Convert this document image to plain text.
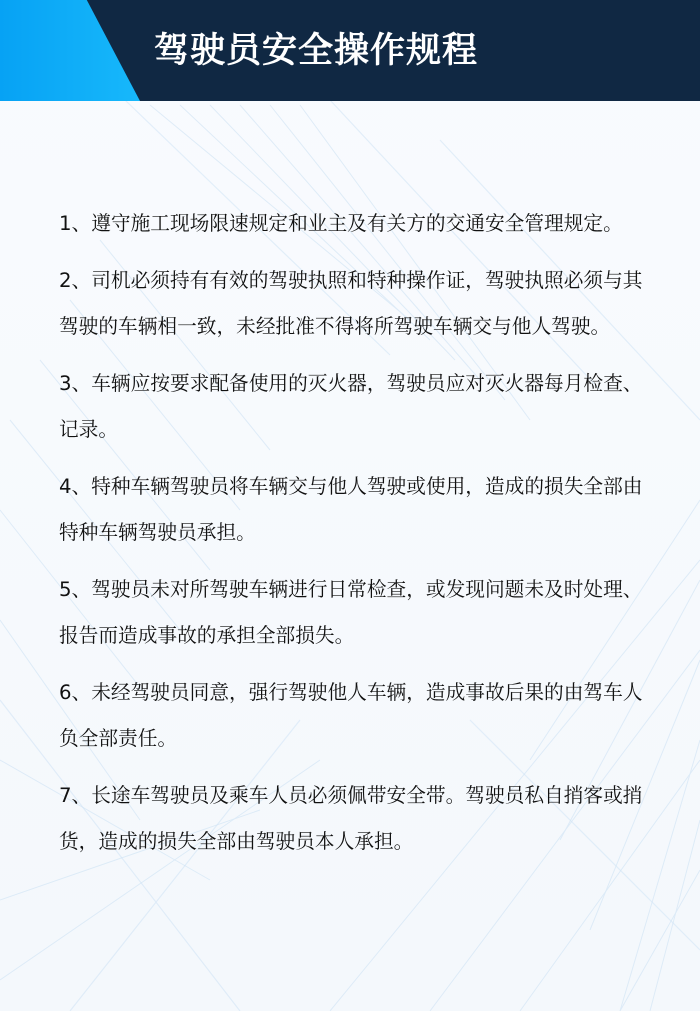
驾驶员安全操作规程
1、遵守施工现场限速规定和业主及有关方的交通安全管理规定。
2、司机必须持有有效的驾驶执照和特种操作证，驾驶执照必须与其驾驶的车辆相一致，未经批准不得将所驾驶车辆交与他人驾驶。
3、车辆应按要求配备使用的灭火器，驾驶员应对灭火器每月检查、记录。
4、特种车辆驾驶员将车辆交与他人驾驶或使用，造成的损失全部由特种车辆驾驶员承担。
5、驾驶员未对所驾驶车辆进行日常检查，或发现问题未及时处理、报告而造成事故的承担全部损失。
6、未经驾驶员同意，强行驾驶他人车辆，造成事故后果的由驾车人负全部责任。
7、长途车驾驶员及乘车人员必须佩带安全带。驾驶员私自捎客或捎货，造成的损失全部由驾驶员本人承担。
